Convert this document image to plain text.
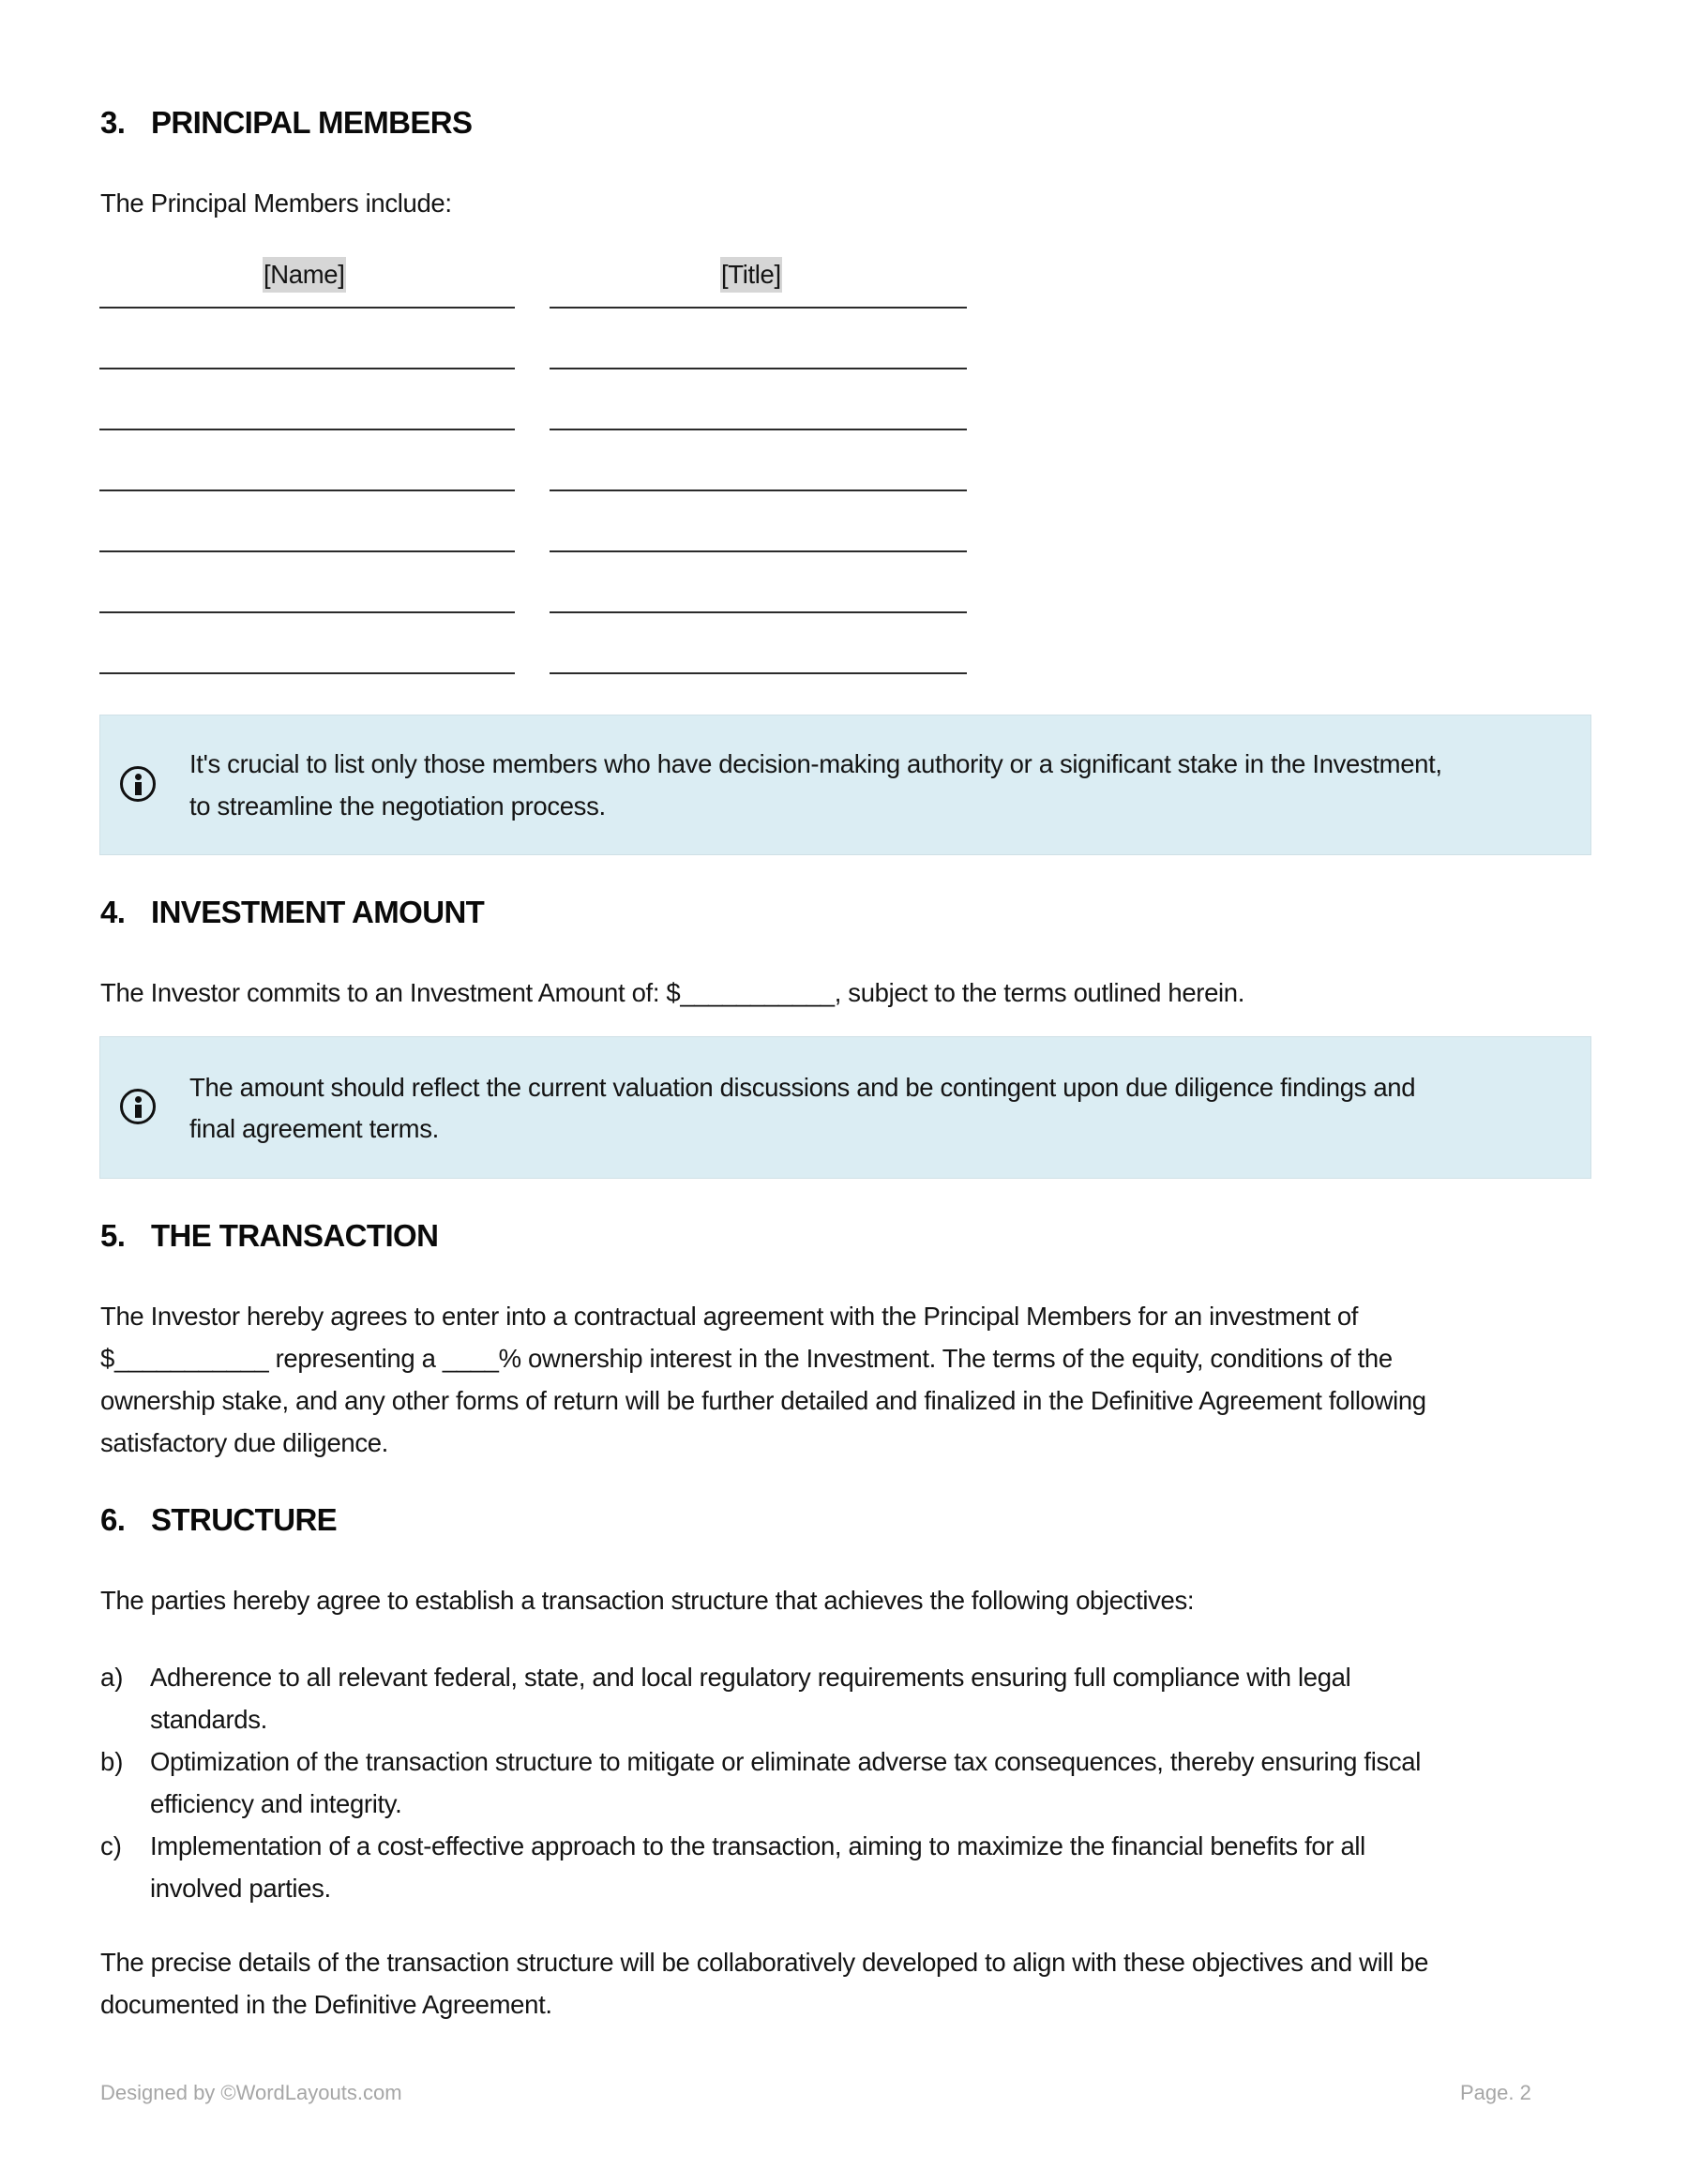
3. PRINCIPAL MEMBERS
The Principal Members include:
[Name]	[Title]
It's crucial to list only those members who have decision-making authority or a significant stake in the Investment,
to streamline the negotiation process.
4. INVESTMENT AMOUNT
The Investor commits to an Investment Amount of: $___________, subject to the terms outlined herein.
The amount should reflect the current valuation discussions and be contingent upon due diligence findings and
final agreement terms.
5. THE TRANSACTION
The Investor hereby agrees to enter into a contractual agreement with the Principal Members for an investment of
$___________ representing a ____% ownership interest in the Investment. The terms of the equity, conditions of the
ownership stake, and any other forms of return will be further detailed and finalized in the Definitive Agreement following
satisfactory due diligence.
6. STRUCTURE
The parties hereby agree to establish a transaction structure that achieves the following objectives:
a) Adherence to all relevant federal, state, and local regulatory requirements ensuring full compliance with legal
standards.
b) Optimization of the transaction structure to mitigate or eliminate adverse tax consequences, thereby ensuring fiscal
efficiency and integrity.
c) Implementation of a cost-effective approach to the transaction, aiming to maximize the financial benefits for all
involved parties.
The precise details of the transaction structure will be collaboratively developed to align with these objectives and will be
documented in the Definitive Agreement.
Designed by ©WordLayouts.com	Page. 2
